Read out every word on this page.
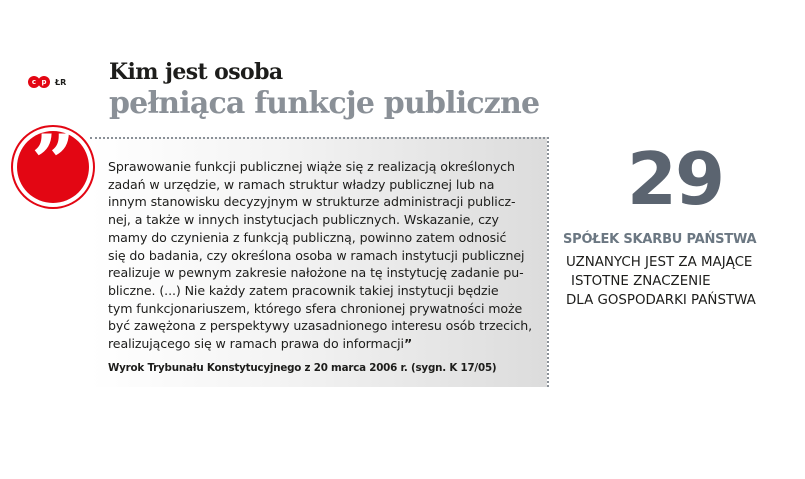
c p	ŁR Kim jest osoba
pełniąca funkcje publiczne
”	Sprawowanie funkcji publicznej wiąże się z realizacją określonych
zadań w urzędzie, w ramach struktur władzy publicznej lub na
innym stanowisku decyzyjnym w strukturze administracji publicz-
nej, a także w innych instytucjach publicznych. Wskazanie, czy
mamy do czynienia z funkcją publiczną, powinno zatem odnosić
się do badania, czy określona osoba w ramach instytucji publicznej
realizuje w pewnym zakresie nałożone na tę instytucję zadanie pu-
bliczne. (...) Nie każdy zatem pracownik takiej instytucji będzie
tym funkcjonariuszem, którego sfera chronionej prywatności może
być zawężona z perspektywy uzasadnionego interesu osób trzecich,
realizującego się w ramach prawa do informacji”

Wyrok Trybunału Konstytucyjnego z 20 marca 2006 r. (sygn. K 17/05)

29
SPÓŁEK SKARBU PAŃSTWA
UZNANYCH JEST ZA MAJĄCE
ISTOTNE ZNACZENIE
DLA GOSPODARKI PAŃSTWA
